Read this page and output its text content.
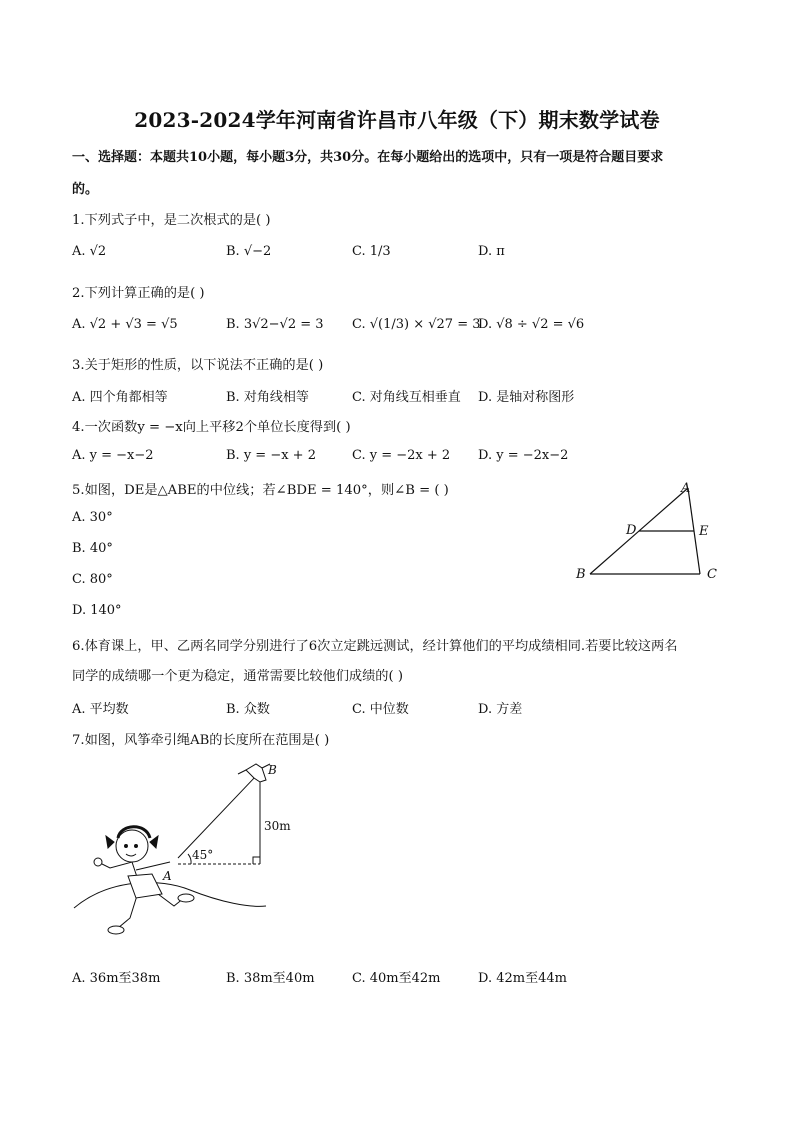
2023-2024学年河南省许昌市八年级（下）期末数学试卷
一、选择题：本题共10小题，每小题3分，共30分。在每小题给出的选项中，只有一项是符合题目要求
的。
1.下列式子中，是二次根式的是( )
A. √2	B. √−2	C. 1/3	D. π
2.下列计算正确的是( )
A. √2 + √3 = √5	B. 3√2−√2 = 3 C. √(1/3) × √27 = 3
D. √8 ÷ √2 = √6
3.关于矩形的性质，以下说法不正确的是( )
A. 四个角都相等	B. 对角线相等	C. 对角线互相垂直 D. 是轴对称图形
4.一次函数y = −x向上平移2个单位长度得到( )
A. y = −x−2	B. y = −x + 2	C. y = −2x + 2 D. y = −2x−2
5.如图，DE是△ABE的中位线；若∠BDE = 140°，则∠B = ( )
A. 30°
B. 40°
C. 80°
D. 140°
A
D	E
B	C
6.体育课上，甲、乙两名同学分别进行了6次立定跳远测试，经计算他们的平均成绩相同.若要比较这两名
同学的成绩哪一个更为稳定，通常需要比较他们成绩的( )
A. 平均数	B. 众数	C. 中位数	D. 方差
7.如图，风筝牵引绳AB的长度所在范围是( )
B
30m
45°
A
A. 36m至38m	B. 38m至40m	C. 40m至42m	D. 42m至44m
